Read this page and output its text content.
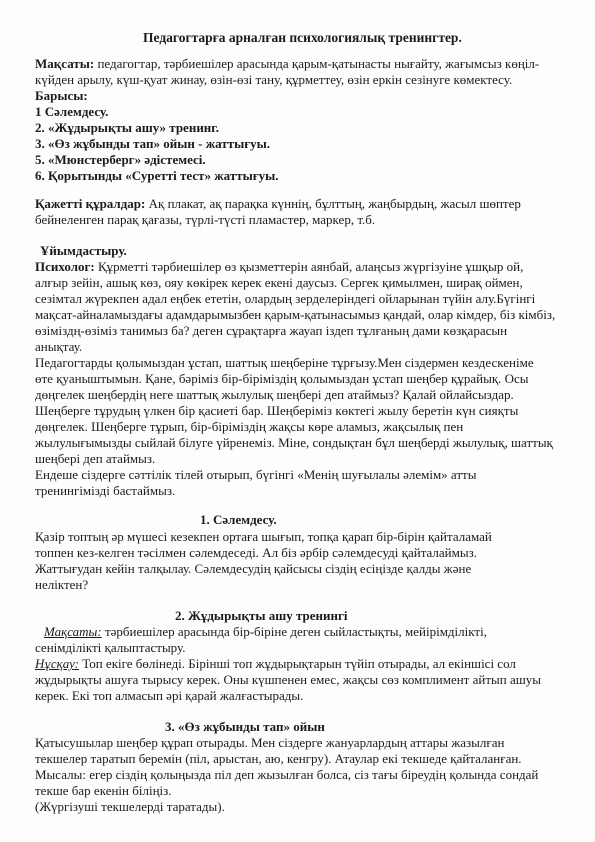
Педагогтарға арналған психологиялық тренингтер.

Мақсаты: педагогтар, тәрбиешілер арасында қарым-қатынасты нығайту, жағымсыз көңіл-

күйден арылу, күш-қуат жинау, өзін-өзі тану, құрметтеу, өзін еркін сезінуге көмектесу.

Барысы:

1 Сәлемдесу.

2. «Жұдырықты ашу» тренинг.

3. «Өз жұбынды тап» ойын - жаттығуы.

5. «Мюнстерберг» әдістемесі.

6. Қорытынды «Суретті тест» жаттығуы.

Қажетті құралдар: Ақ плакат, ақ парақка күннің, бұлттың, жаңбырдың, жасыл шөптер

бейнеленген парақ қағазы, түрлі-түсті пламастер, маркер, т.б.

Ұйымдастыру.

Психолог: Құрметті тәрбиешілер өз қызметтерін аянбай, алаңсыз жүргізуіне ұшқыр ой,

алғыр зейін, ашық көз, ояу көкірек керек екені даусыз. Сергек қимылмен, ширақ оймен,

сезімтал жүрекпен адал еңбек ететін, олардың зерделеріндегі ойларынан түйін алу.Бүгінгі

мақсат-айналамыздағы адамдарымызбен қарым-қатынасымыз қандай, олар кімдер, біз кімбіз,

өзіміздң-өзіміз танимыз ба? деген сұрақтарға жауап іздеп тұлғаның дами көзқарасын

анықтау.

Педагогтарды қолымыздан ұстап, шаттық шеңберіне тұрғызу.Мен сіздермен кездескеніме

өте қуаныштымын. Қане, бәріміз бір-біріміздің қолымыздан ұстап шеңбер құрайық. Осы

дөңгелек шеңбердің неге шаттық жылулық шеңбері деп атаймыз? Қалай ойлайсыздар.

Шеңберге тұрудың үлкен бір қасиеті бар. Шеңберіміз көктегі жылу беретін күн сияқты

дөңгелек. Шеңберге тұрып, бір-біріміздің жақсы көре аламыз, жақсылық пен

жылулығымызды сыйлай білуге үйренеміз. Міне, сондықтан бұл шеңберді жылулық, шаттық

шеңбері деп атаймыз.

Ендеше сіздерге сәттілік тілей отырып, бүгінгі «Менің шуғылалы әлемім» атты

тренингімізді бастаймыз.

1. Сәлемдесу.

Қазір топтың әр мүшесі кезекпен ортаға шығып, топқа қарап бір-бірін қайталамай

топпен кез-келген тәсілмен сәлемдеседі. Ал біз әрбір сәлемдесуді қайталаймыз.

Жаттығудан кейін талқылау. Сәлемдесудің қайсысы сіздің есіңізде қалды және

неліктен?

2. Жұдырықты ашу тренингі

Мақсаты: тәрбиешілер арасында бір-біріне деген сыйластықты, мейірімділікті,

сенімділікті қалыптастыру.

Нұсқау: Топ екіге бөлінеді. Бірінші топ жұдырықтарын түйіп отырады, ал екіншісі сол

жұдырықты ашуға тырысу керек. Оны күшпенен емес, жақсы сөз комплимент айтып ашуы

керек. Екі топ алмасып әрі қарай жалғастырады.

3. «Өз жұбынды тап» ойын

Қатысушылар шеңбер құрап отырады. Мен сіздерге жануарлардың аттары жазылған

текшелер таратып беремін (піл, арыстан, аю, кенгру). Атаулар екі текшеде қайталанған.

Мысалы: егер сіздің қолыңызда піл деп жызылған болса, сіз тағы біреудің қолында сондай

текше бар екенін біліңіз.

(Жүргізуші текшелерді таратады).
